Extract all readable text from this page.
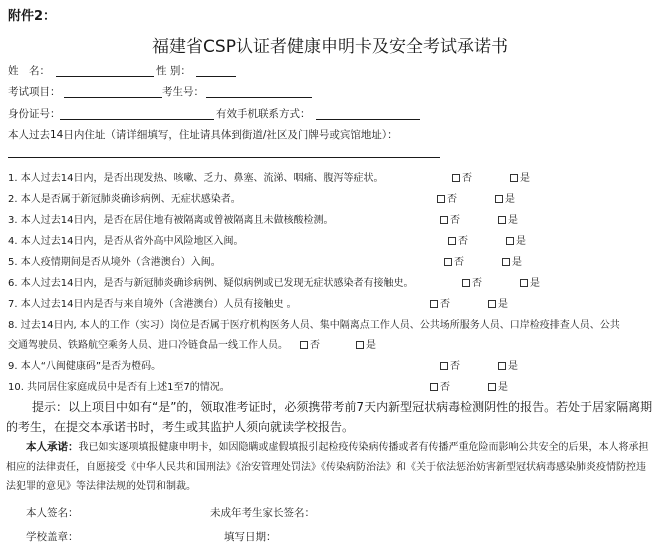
附件2：
福建省CSP认证者健康申明卡及安全考试承诺书
姓　名：	性 别：
考试项目：	考生号：
身份证号：	有效手机联系方式：
本人过去14日内住址（请详细填写，住址请具体到街道/社区及门牌号或宾馆地址）：
1. 本人过去14日内，是否出现发热、咳嗽、乏力、鼻塞、流涕、咽痛、腹泻等症状。	否	是
2. 本人是否属于新冠肺炎确诊病例、无症状感染者。	否	是
3. 本人过去14日内，是否在居住地有被隔离或曾被隔离且未做核酸检测。	否	是
4. 本人过去14日内，是否从省外高中风险地区入闽。	否	是
5. 本人疫情期间是否从境外（含港澳台）入闽。	否	是
6. 本人过去14日内，是否与新冠肺炎确诊病例、疑似病例或已发现无症状感染者有接触史。	否	是
7. 本人过去14日内是否与来自境外（含港澳台）人员有接触史 。	否	是
8. 过去14日内, 本人的工作（实习）岗位是否属于医疗机构医务人员、集中隔离点工作人员、公共场所服务人员、口岸检疫排查人员、公共
交通驾驶员、铁路航空乘务人员、进口冷链食品一线工作人员。	否	是
9. 本人“八闽健康码”是否为橙码。	否	是
10. 共同居住家庭成员中是否有上述1至7的情况。	否	是
提示：以上项目中如有“是”的，领取准考证时，必须携带考前7天内新型冠状病毒检测阴性的报告。若处于居家隔离期的考生，在提交本承诺书时，考生或其监护人须向就读学校报告。
本人承诺：我已如实逐项填报健康申明卡，如因隐瞒或虚假填报引起检疫传染病传播或者有传播严重危险而影响公共安全的后果，本人将承担相应的法律责任，自愿接受《中华人民共和国刑法》《治安管理处罚法》《传染病防治法》和《关于依法惩治妨害新型冠状病毒感染肺炎疫情防控违法犯罪的意见》等法律法规的处罚和制裁。
本人签名：	未成年考生家长签名：
学校盖章：	填写日期：
